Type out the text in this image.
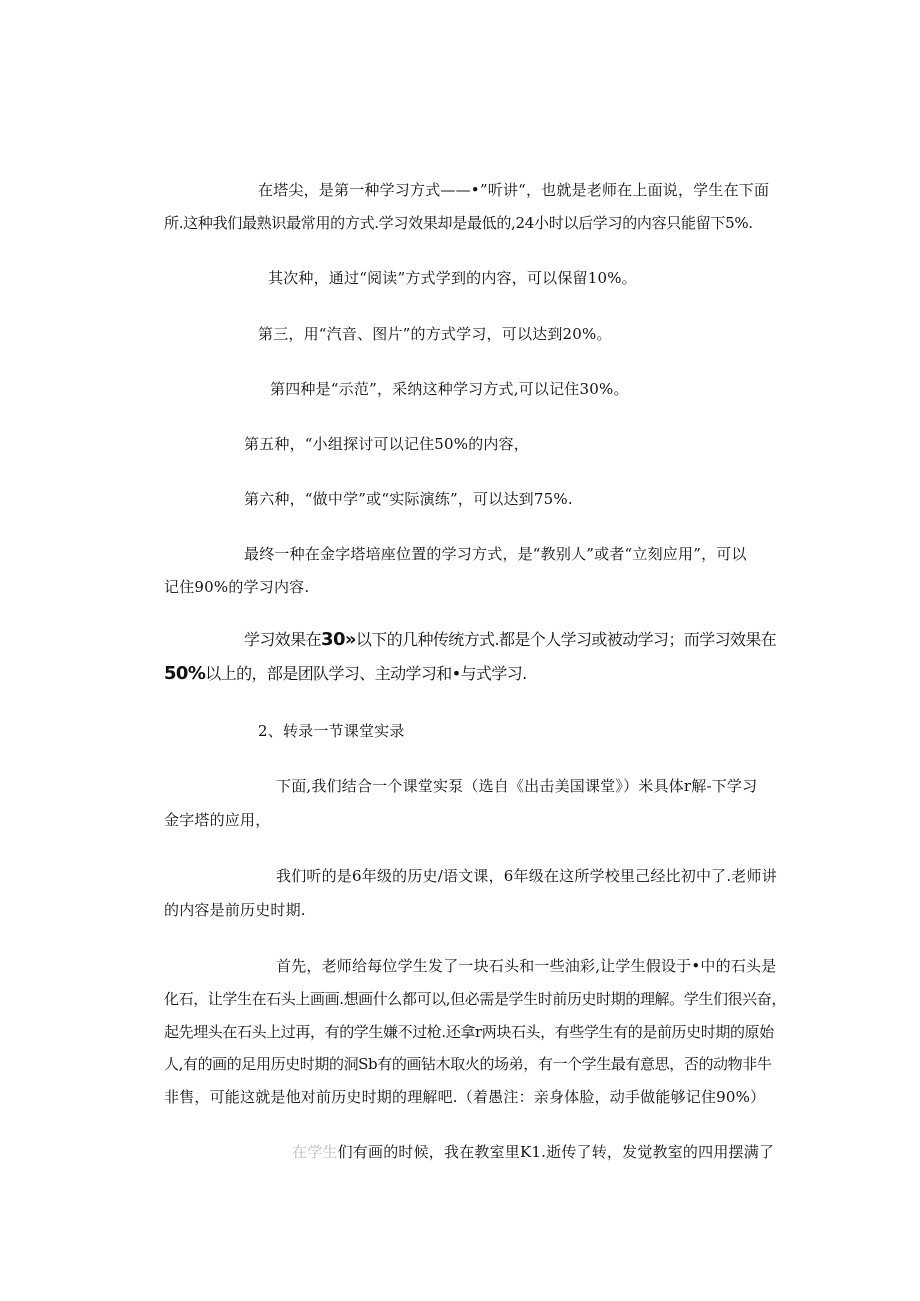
在塔尖，是第一种学习方式——•”听讲“，也就是老师在上面说，学生在下面
所.这种我们最熟识最常用的方式.学习效果却是最低的,24小时以后学习的内容只能留下5%.
其次种，通过“阅读”方式学到的内容，可以保留10%。
第三，用“汽音、图片”的方式学习，可以达到20%。
第四种是“示范”，采纳这种学习方式,可以记住30%。
第五种，“小组探讨可以记住50%的内容，
第六种，“做中学”或“实际演练”，可以达到75%.
最终一种在金字塔培座位置的学习方式，是“教别人”或者“立刻应用”，可以
记住90%的学习内容.
学习效果在30»以下的几种传统方式.都是个人学习或被动学习；而学习效果在
50%以上的，部是团队学习、主动学习和•与式学习.
2、转录一节课堂实录
下面,我们结合一个课堂实泵（选自《出击美国课堂》）米具体r解-下学习
金字塔的应用，
我们听的是6年级的历史/语文课，6年级在这所学校里己经比初中了.老师讲
的内容是前历史时期.
首先，老师给每位学生发了一块石头和一些油彩,让学生假设于•中的石头是
化石，让学生在石头上画画.想画什么都可以,但必需是学生时前历史时期的理解。学生们很兴奋，
起先埋头在石头上过再，有的学生嫌不过枪.还拿r两块石头，有些学生有的是前历史时期的原始
人,有的画的足用历史时期的洞Sb有的画钻木取火的场弟，有一个学生最有意思，否的动物非牛
非售，可能这就是他对前历史时期的理解吧.（着愚注：亲身体脸，动手做能够记住90%）
在学生们有画的时候，我在教室里K1.逝传了转，发觉教室的四用摆满了
